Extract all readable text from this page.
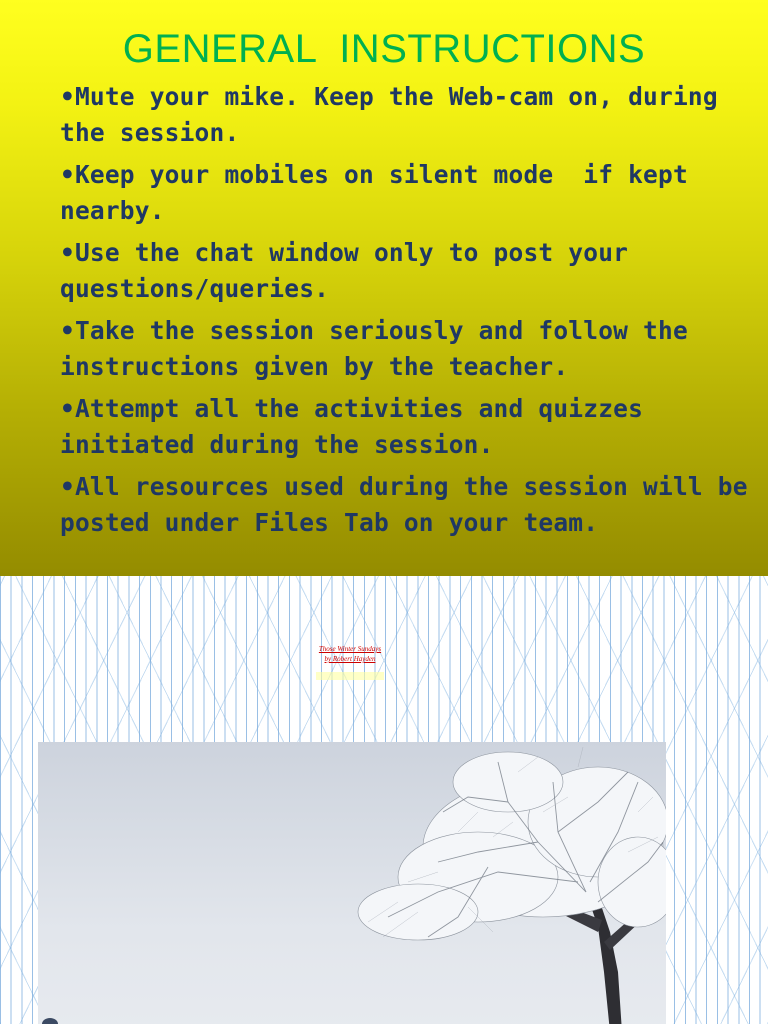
GENERAL  INSTRUCTIONS
•Mute your mike. Keep the Web-cam on, during the session.
•Keep your mobiles on silent mode  if kept nearby.
•Use the chat window only to post your questions/queries.
•Take the session seriously and follow the instructions given by the teacher.
•Attempt all the activities and quizzes initiated during the session.
•All resources used during the session will be posted under Files Tab on your team.
Those Winter Sundays
by Robert Hayden
